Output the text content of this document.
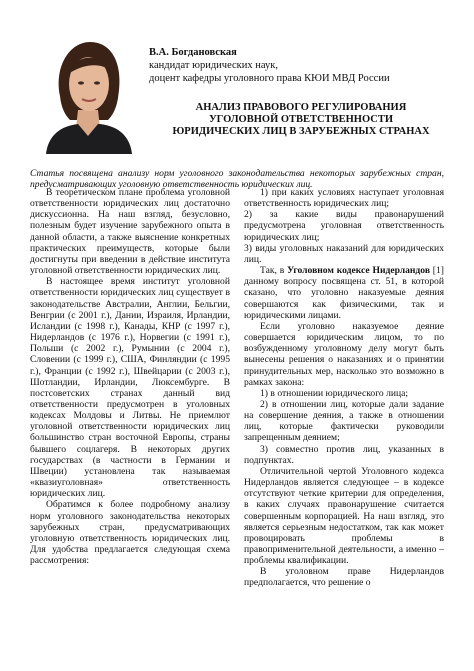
В.А. Богдановская
кандидат юридических наук,
доцент кафедры уголовного права КЮИ МВД России
АНАЛИЗ ПРАВОВОГО РЕГУЛИРОВАНИЯ
УГОЛОВНОЙ ОТВЕТСТВЕННОСТИ
ЮРИДИЧЕСКИХ ЛИЦ В ЗАРУБЕЖНЫХ СТРАНАХ
Статья посвящена анализу норм уголовного законодательства некоторых зарубежных стран, предусматривающих уголовную ответственность юридических лиц.

В теоретическом плане проблема уголовной ответственности юридических лиц достаточно дискуссионна. На наш взгляд, безусловно, полезным будет изучение зарубежного опыта в данной области, а также выяснение конкретных практических преимуществ, которые были достигнуты при введении в действие института уголовной ответственности юридических лиц.

В настоящее время институт уголовной ответственности юридических лиц существует в законодательстве Австралии, Англии, Бельгии, Венгрии (с 2001 г.), Дании, Израиля, Ирландии, Исландии (с 1998 г.), Канады, КНР (с 1997 г.), Нидерландов (с 1976 г.), Норвегии (с 1991 г.), Польши (с 2002 г.), Румынии (с 2004 г.), Словении (с 1999 г.), США, Финляндии (с 1995 г.), Франции (с 1992 г.), Швейцарии (с 2003 г.), Шотландии, Ирландии, Люксембурге. В постсоветских странах данный вид ответственности предусмотрен в уголовных кодексах Молдовы и Литвы. Не приемлют уголовной ответственности юридических лиц большинство стран восточной Европы, страны бывшего соцлагеря. В некоторых других государствах (в частности в Германии и Швеции) установлена так называемая «квазиуголовная» ответственность юридических лиц.

Обратимся к более подробному анализу норм уголовного законодательства некоторых зарубежных стран, предусматривающих уголовную ответственность юридических лиц. Для удобства предлагается следующая схема рассмотрения:

1) при каких условиях наступает уголовная ответственность юридических лиц;

2) за какие виды правонарушений предусмотрена уголовная ответственность юридических лиц;

3) виды уголовных наказаний для юридических лиц.

Так, в Уголовном кодексе Нидерландов [1] данному вопросу посвящена ст. 51, в которой сказано, что уголовно наказуемые деяния совершаются как физическими, так и юридическими лицами.

Если уголовно наказуемое деяние совершается юридическим лицом, то по возбужденному уголовному делу могут быть вынесены решения о наказаниях и о принятии принудительных мер, насколько это возможно в рамках закона:

1) в отношении юридического лица;

2) в отношении лиц, которые дали задание на совершение деяния, а также в отношении лиц, которые фактически руководили запрещенным деянием;

3) совместно против лиц, указанных в подпунктах.

Отличительной чертой Уголовного кодекса Нидерландов является следующее – в кодексе отсутствуют четкие критерии для определения, в каких случаях правонарушение считается совершенным корпорацией. На наш взгляд, это является серьезным недостатком, так как может провоцировать проблемы в правоприменительной деятельности, а именно – проблемы квалификации.

В уголовном праве Нидерландов предполагается, что решение о
